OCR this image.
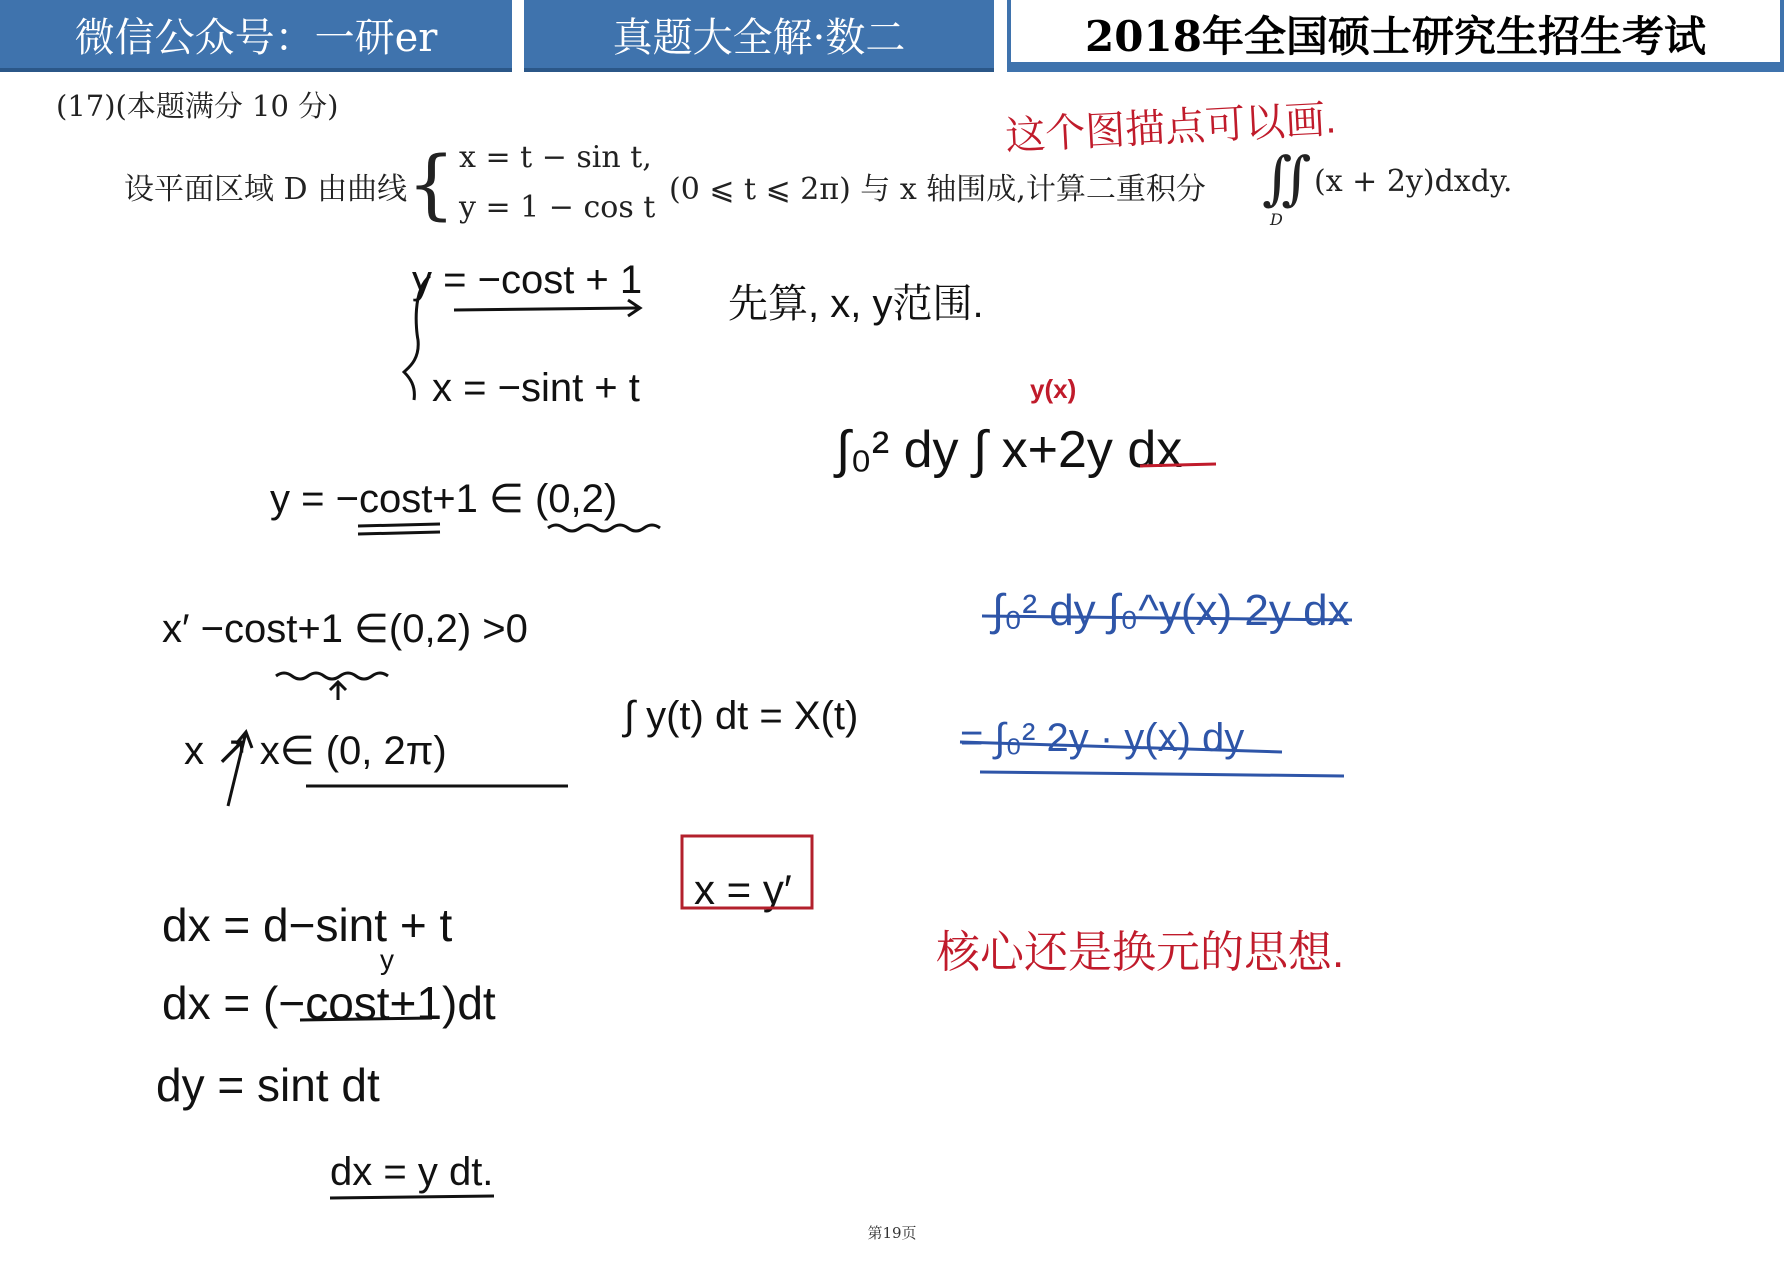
微信公众号：一研er	真题大全解·数二	2018年全国硕士研究生招生考试
(17)(本题满分 10 分)
设平面区域 D 由曲线 { x = t − sin t,
y = 1 − cos t
(0 ⩽ t ⩽ 2π) 与 x 轴围成,计算二重积分 ∬
D
(x + 2y)dxdy.
这个图描点可以画.
y = −cost + 1
x = −sint + t
先算, x, y范围.
y(x)
∫₀² dy ∫ x+2y dx
y = −cost+1 ∈ (0,2)
x′ −cost+1 ∈(0,2) >0
x ↗ x∈ (0, 2π)
∫ y(t) dt = X(t)
x = y′
∫₀² dy ∫₀^y(x) 2y dx
= ∫₀² 2y · y(x) dy
核心还是换元的思想.
dx = d−sint + t
y
dx = (−cost+1)dt
dy = sint dt
dx = y dt.
第19页
